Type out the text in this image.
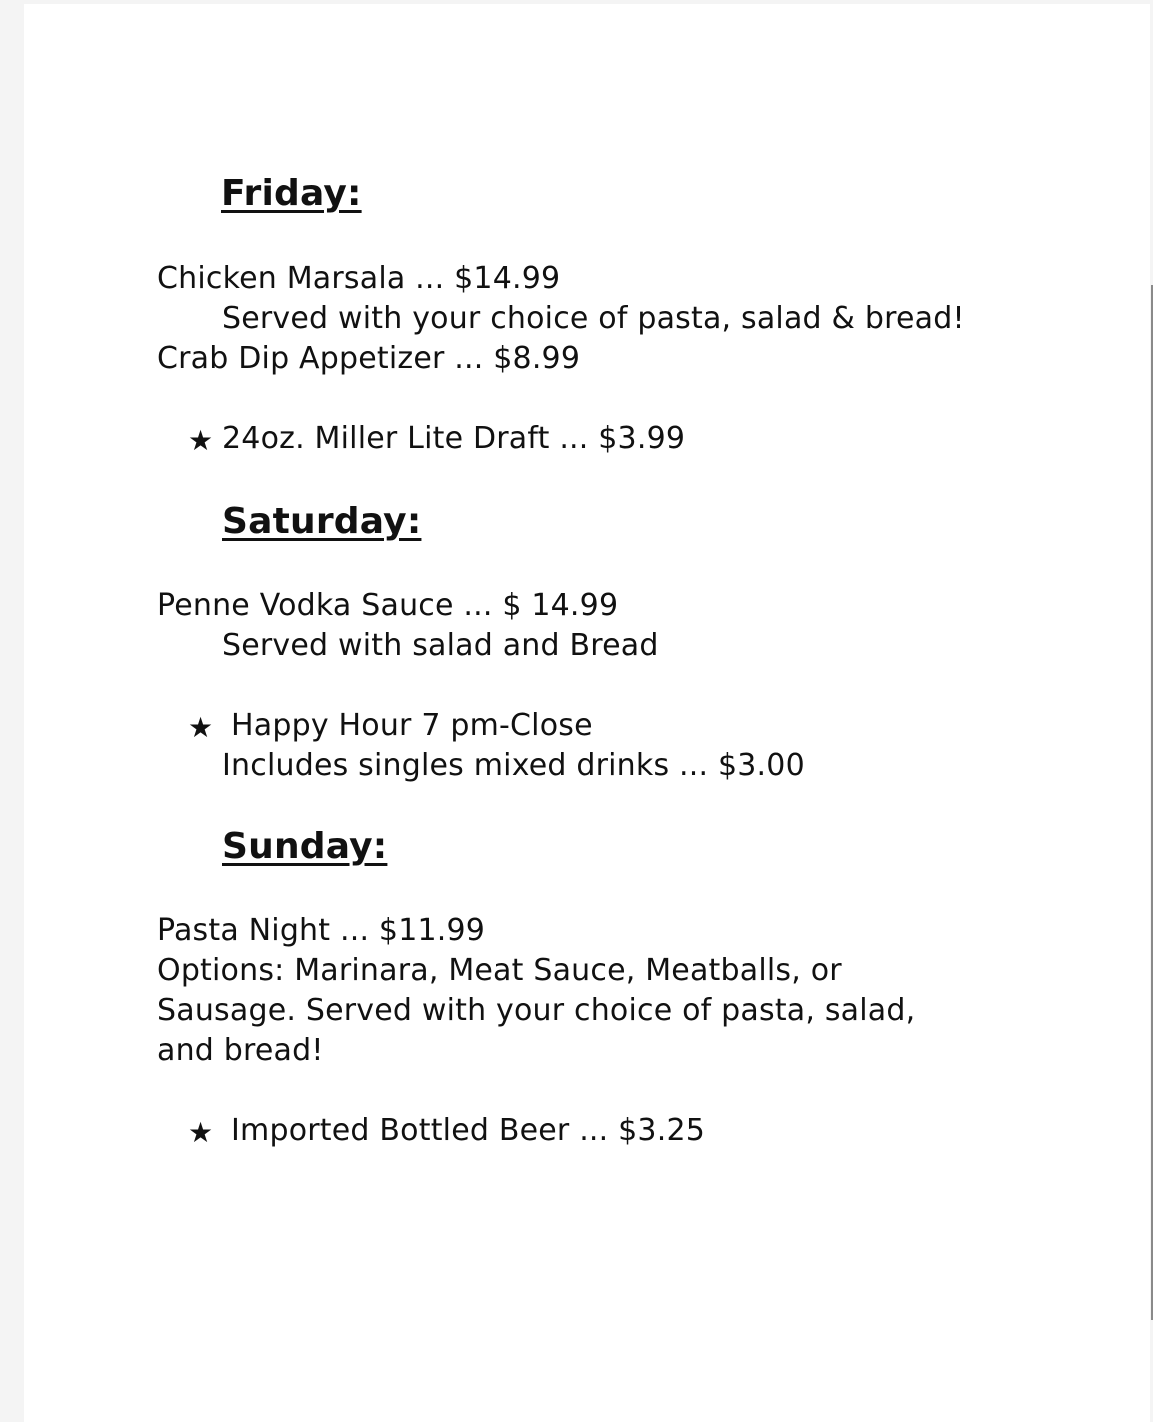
Friday:

Chicken Marsala ... $14.99

Served with your choice of pasta, salad & bread!

Crab Dip Appetizer ... $8.99

★ 24oz. Miller Lite Draft ... $3.99

Saturday:

Penne Vodka Sauce ... $ 14.99

Served with salad and Bread

★ Happy Hour 7 pm-Close

Includes singles mixed drinks ... $3.00

Sunday:

Pasta Night ... $11.99

Options: Marinara, Meat Sauce, Meatballs, or

Sausage. Served with your choice of pasta, salad,

and bread!

★ Imported Bottled Beer ... $3.25
